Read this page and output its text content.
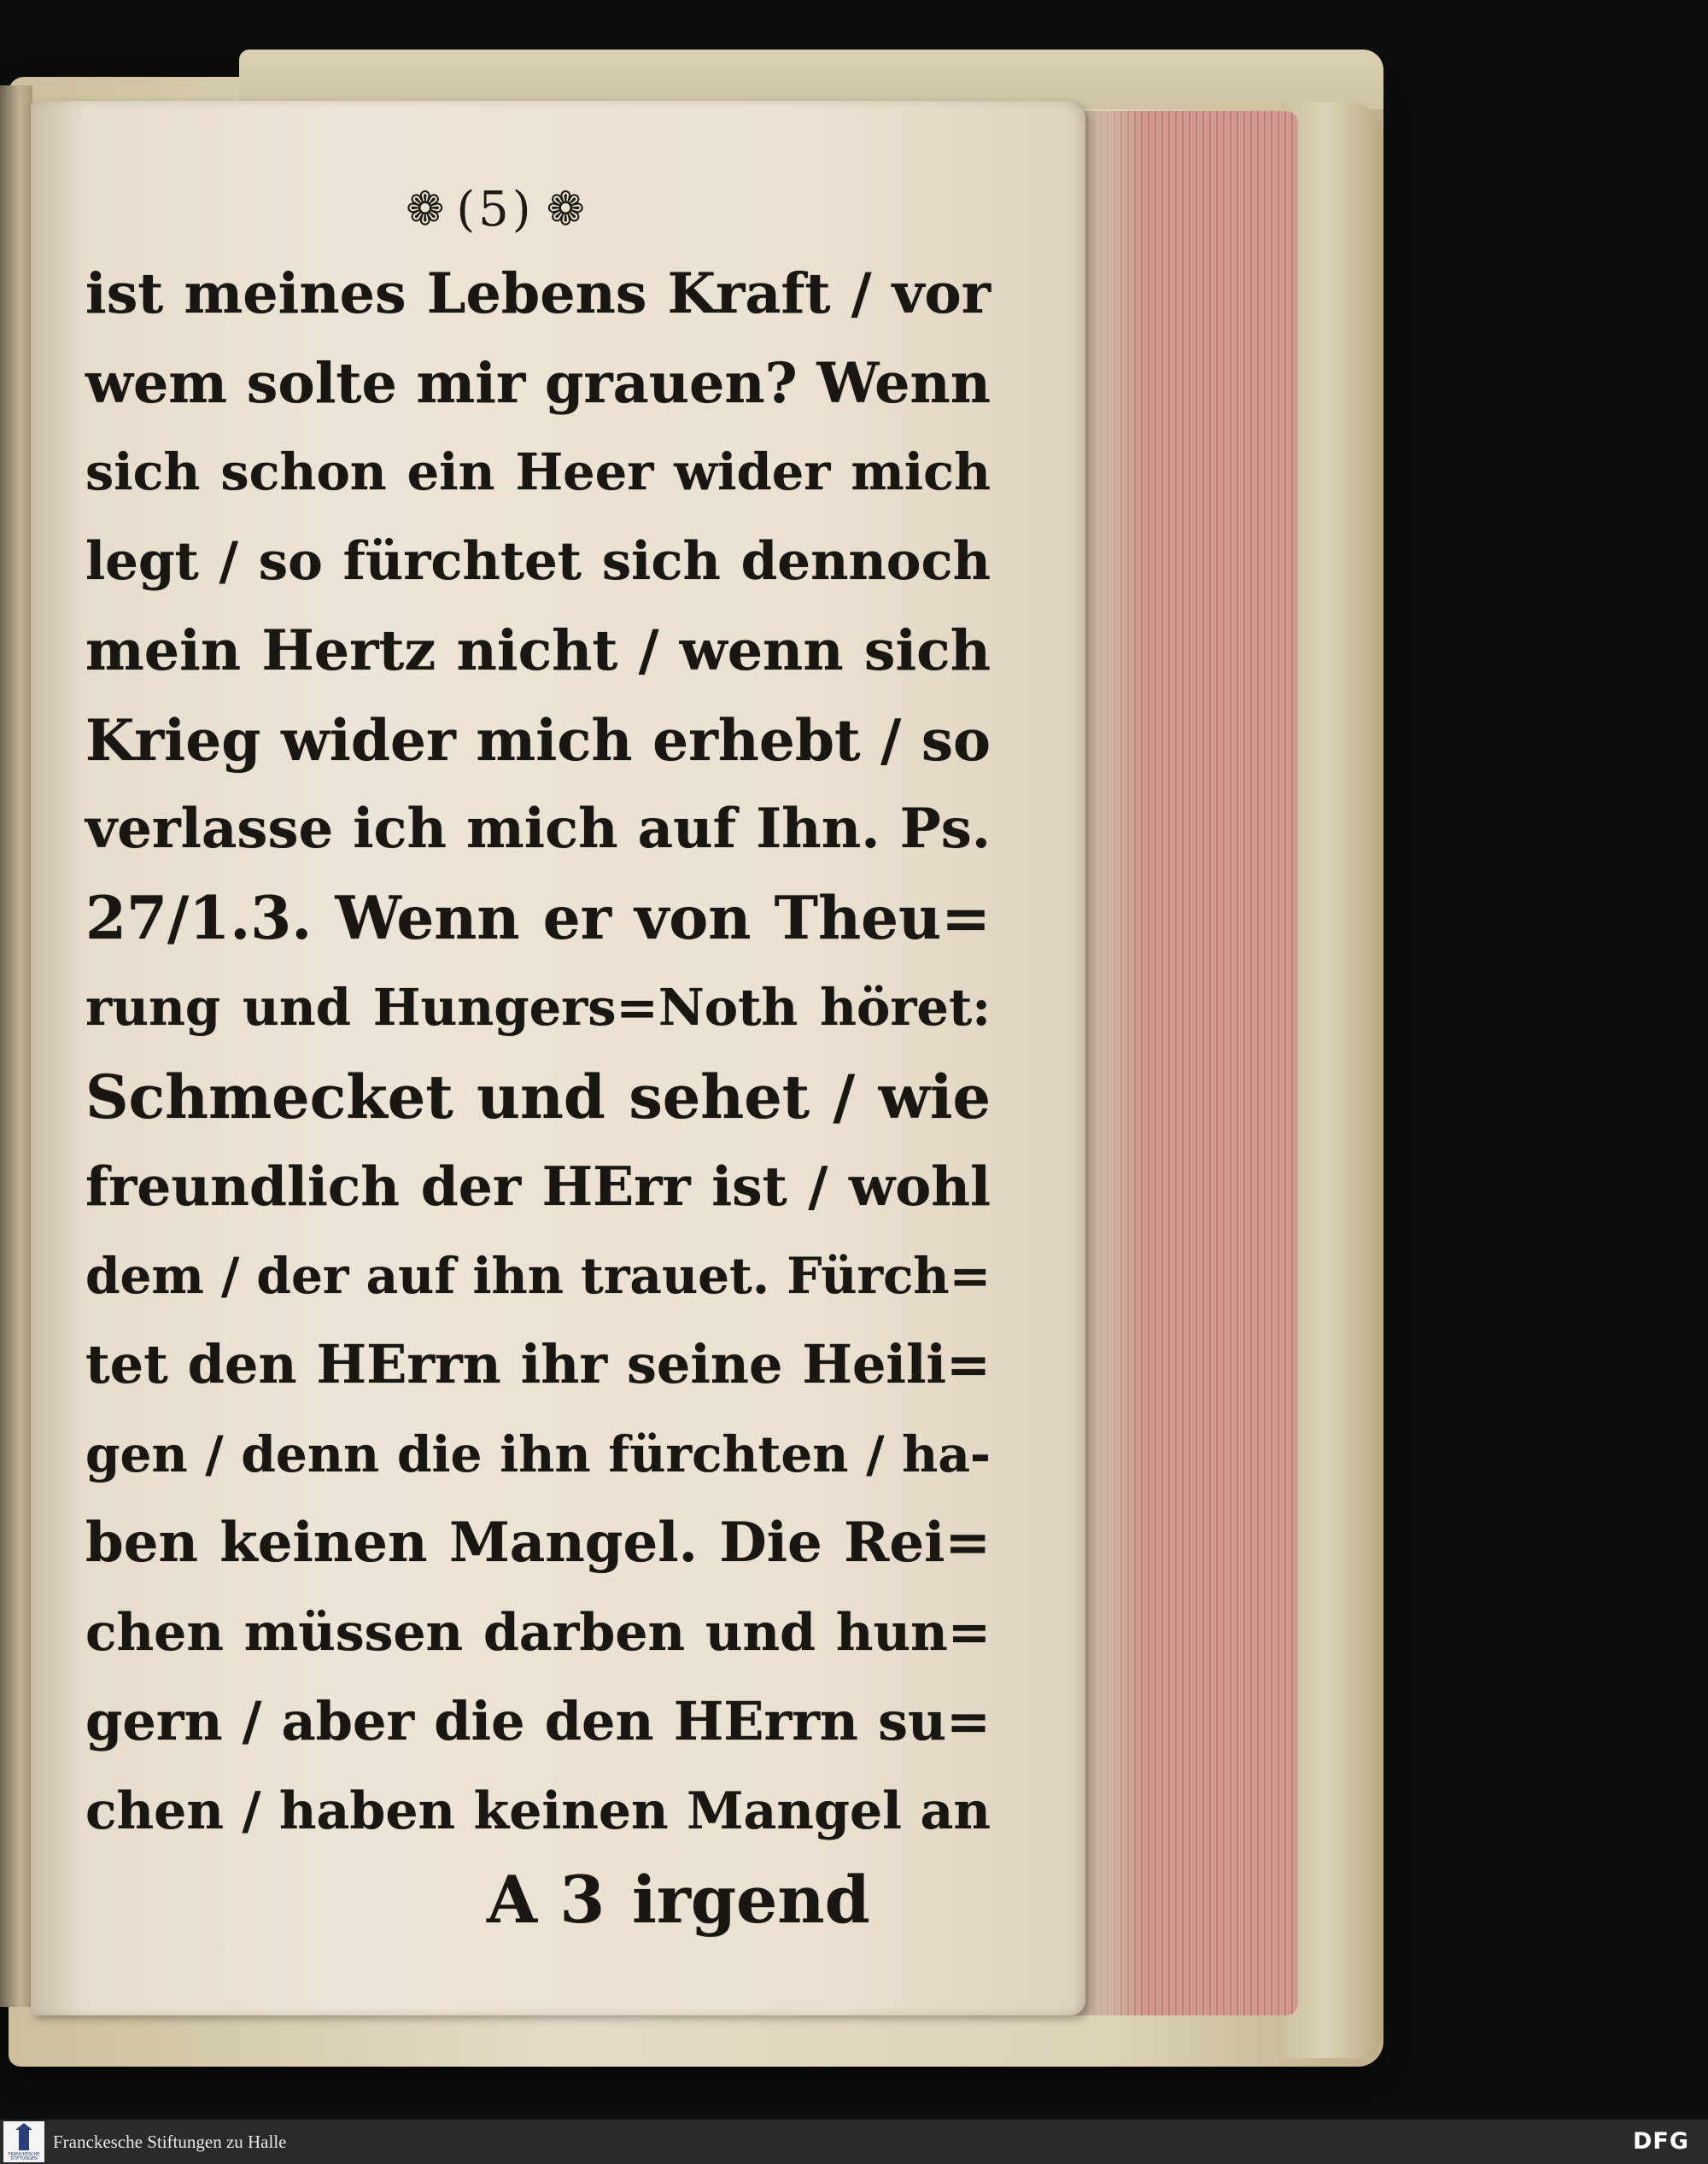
❁ (5) ❁
ist meines Lebens Kraft / vor
wem solte mir grauen? Wenn
sich schon ein Heer wider mich
legt / so fürchtet sich dennoch
mein Hertz nicht / wenn sich
Krieg wider mich erhebt / so
verlasse ich mich auf Ihn. Ps.
27/1.3. Wenn er von Theu=
rung und Hungers=Noth höret:
Schmecket und sehet / wie
freundlich der HErr ist / wohl
dem / der auf ihn trauet. Fürch=
tet den HErrn ihr seine Heili=
gen / denn die ihn fürchten / ha-
ben keinen Mangel. Die Rei=
chen müssen darben und hun=
gern / aber die den HErrn su=
chen / haben keinen Mangel an
A 3 irgend
FRANCKESCHE STIFTUNGEN
Franckesche Stiftungen zu Halle	DFG
